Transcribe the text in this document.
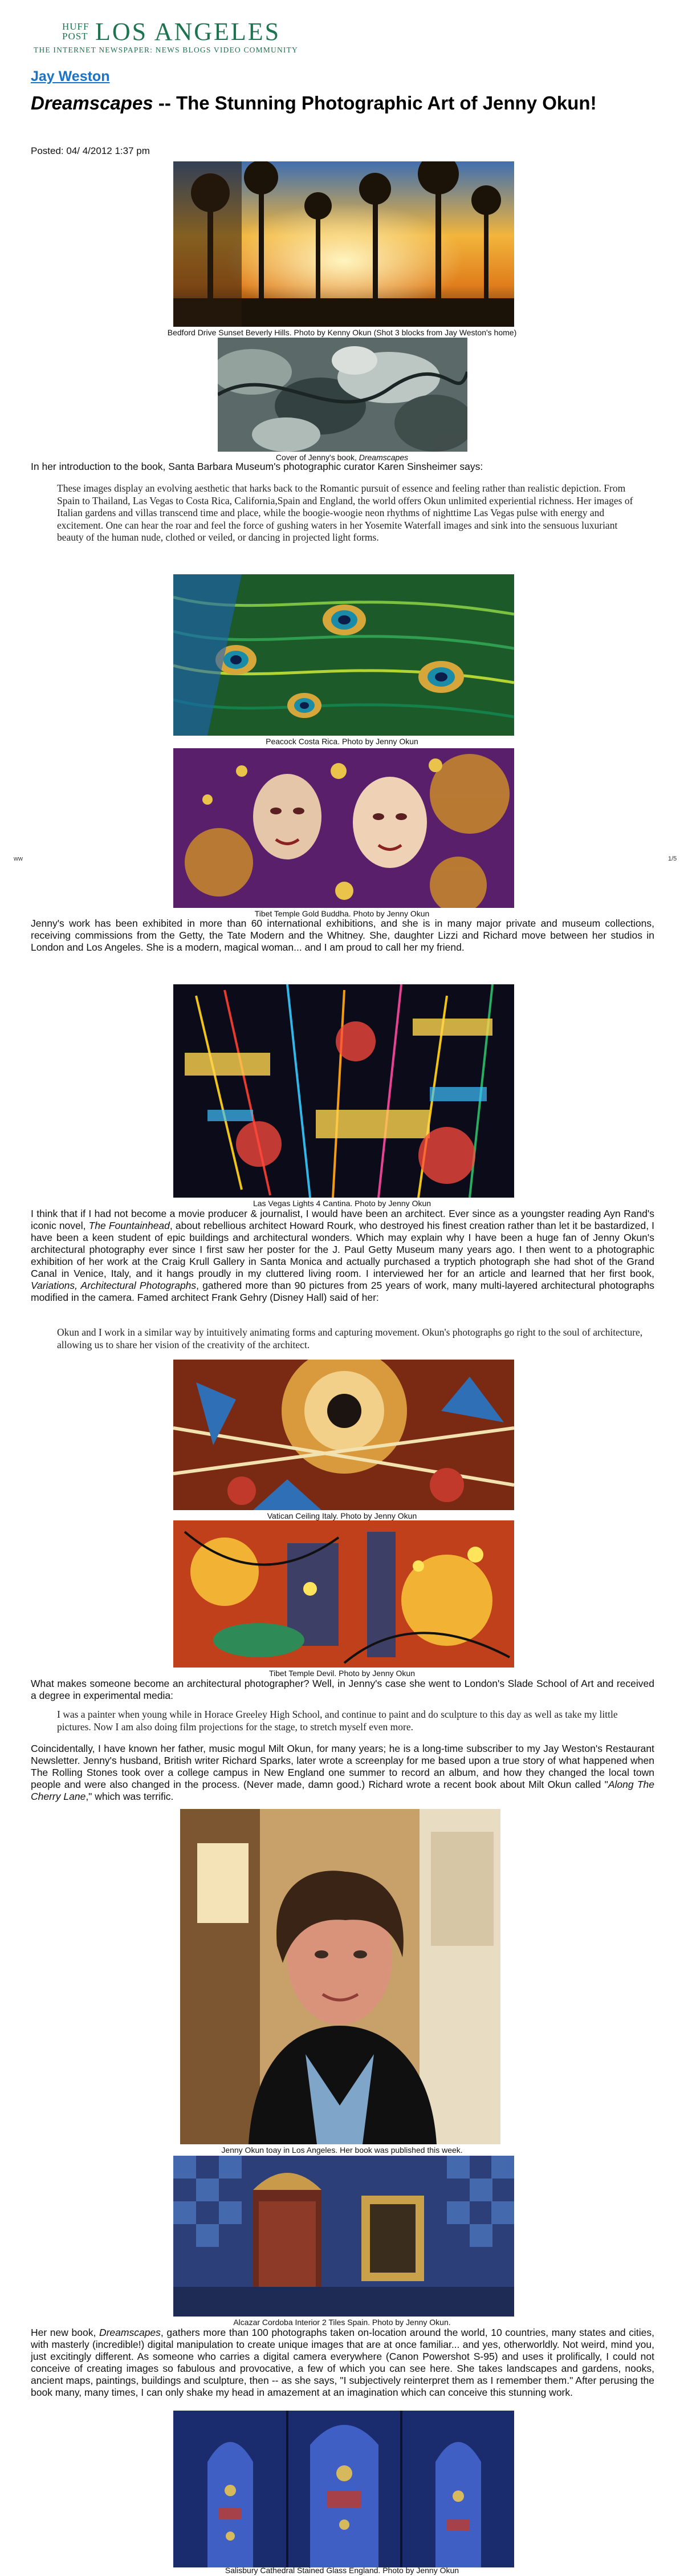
HUFF
POST LOS ANGELES
THE INTERNET NEWSPAPER: NEWS BLOGS VIDEO COMMUNITY
Jay Weston
Dreamscapes -- The Stunning Photographic Art of Jenny Okun!
Posted: 04/ 4/2012 1:37 pm
Bedford Drive Sunset Beverly Hills. Photo by Kenny Okun (Shot 3 blocks from Jay Weston's home)
Cover of Jenny's book, Dreamscapes
In her introduction to the book, Santa Barbara Museum's photographic curator Karen Sinsheimer says:
These images display an evolving aesthetic that harks back to the Romantic pursuit of essence and feeling rather than realistic depiction. From Spain to Thailand, Las Vegas to Costa Rica, California,Spain and England, the world offers Okun unlimited experiential richness. Her images of Italian gardens and villas transcend time and place, while the boogie-woogie neon rhythms of nighttime Las Vegas pulse with energy and excitement. One can hear the roar and feel the force of gushing waters in her Yosemite Waterfall images and sink into the sensuous luxuriant beauty of the human nude, clothed or veiled, or dancing in projected light forms.
Peacock Costa Rica. Photo by Jenny Okun
Tibet Temple Gold Buddha. Photo by Jenny Okun
Jenny's work has been exhibited in more than 60 international exhibitions, and she is in many major private and museum collections, receiving commissions from the Getty, the Tate Modern and the Whitney. She, daughter Lizzi and Richard move between her studios in London and Los Angeles. She is a modern, magical woman... and I am proud to call her my friend.
Las Vegas Lights 4 Cantina. Photo by Jenny Okun
I think that if I had not become a movie producer & journalist, I would have been an architect. Ever since as a youngster reading Ayn Rand's iconic novel, The Fountainhead, about rebellious architect Howard Rourk, who destroyed his finest creation rather than let it be bastardized, I have been a keen student of epic buildings and architectural wonders. Which may explain why I have been a huge fan of Jenny Okun's architectural photography ever since I first saw her poster for the J. Paul Getty Museum many years ago. I then went to a photographic exhibition of her work at the Craig Krull Gallery in Santa Monica and actually purchased a tryptich photograph she had shot of the Grand Canal in Venice, Italy, and it hangs proudly in my cluttered living room. I interviewed her for an article and learned that her first book, Variations, Architectural Photographs, gathered more than 90 pictures from 25 years of work, many multi-layered architectural photographs modified in the camera. Famed architect Frank Gehry (Disney Hall) said of her:
Okun and I work in a similar way by intuitively animating forms and capturing movement. Okun's photographs go right to the soul of architecture, allowing us to share her vision of the creativity of the architect.
Vatican Ceiling Italy. Photo by Jenny Okun
Tibet Temple Devil. Photo by Jenny Okun
What makes someone become an architectural photographer? Well, in Jenny's case she went to London's Slade School of Art and received a degree in experimental media:
I was a painter when young while in Horace Greeley High School, and continue to paint and do sculpture to this day as well as take my little pictures. Now I am also doing film projections for the stage, to stretch myself even more.
Coincidentally, I have known her father, music mogul Milt Okun, for many years; he is a long-time subscriber to my Jay Weston's Restaurant Newsletter. Jenny's husband, British writer Richard Sparks, later wrote a screenplay for me based upon a true story of what happened when The Rolling Stones took over a college campus in New England one summer to record an album, and how they changed the local town people and were also changed in the process. (Never made, damn good.) Richard wrote a recent book about Milt Okun called "Along The Cherry Lane," which was terrific.
Jenny Okun toay in Los Angeles. Her book was published this week.
Alcazar Cordoba Interior 2 Tiles Spain. Photo by Jenny Okun.
Her new book, Dreamscapes, gathers more than 100 photographs taken on-location around the world, 10 countries, many states and cities, with masterly (incredible!) digital manipulation to create unique images that are at once familiar... and yes, otherworldly. Not weird, mind you, just excitingly different. As someone who carries a digital camera everywhere (Canon Powershot S-95) and uses it prolifically, I could not conceive of creating images so fabulous and provocative, a few of which you can see here. She takes landscapes and gardens, nooks, ancient maps, paintings, buildings and sculpture, then -- as she says, "I subjectively reinterpret them as I remember them." After perusing the book many, many times, I can only shake my head in amazement at an imagination which can conceive this stunning work.
Salisbury Cathedral Stained Glass England. Photo by Jenny Okun
ww	1/5
